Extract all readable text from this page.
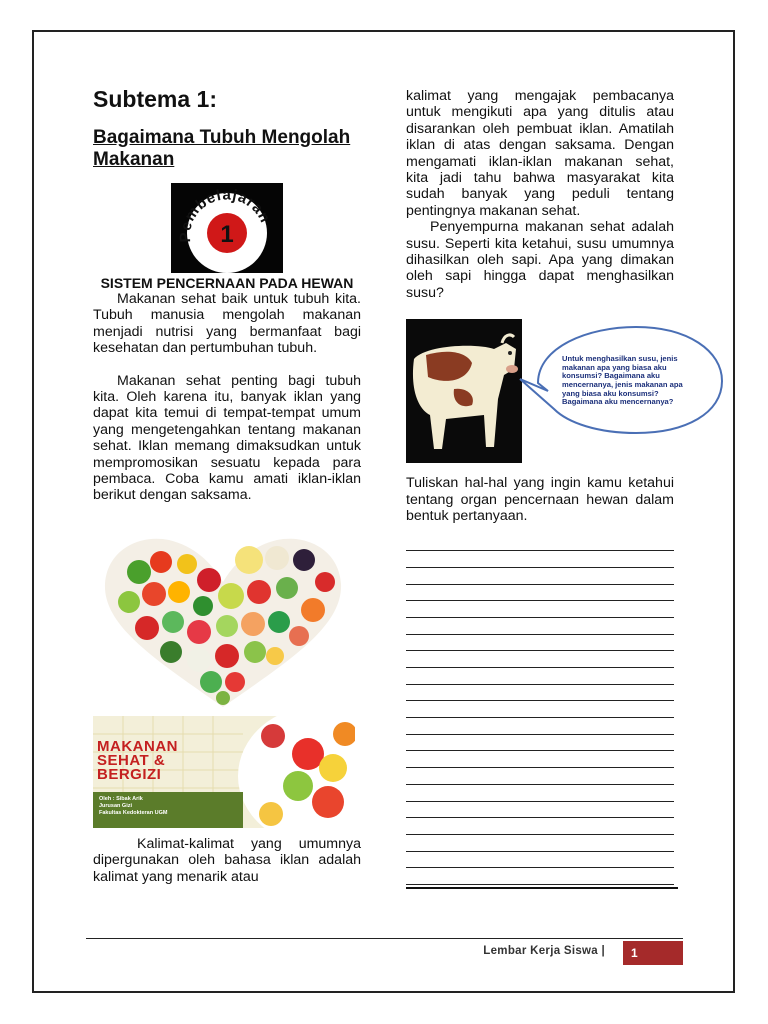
Subtema 1:
Bagaimana Tubuh Mengolah Makanan
Pembelajaran
1
SISTEM PENCERNAAN PADA HEWAN

Makanan sehat baik untuk tubuh kita. Tubuh manusia mengolah makanan menjadi nutrisi yang bermanfaat bagi kesehatan dan pertumbuhan tubuh.

Makanan sehat penting bagi tubuh kita. Oleh karena itu, banyak iklan yang dapat kita temui di tempat-tempat umum yang mengetengahkan tentang makanan sehat. Iklan memang dimaksudkan untuk mempromosikan sesuatu kepada para pembaca. Coba kamu amati iklan-iklan berikut dengan saksama.

MAKANAN
SEHAT &
BERGIZI
Oleh : Sibak Arik
Jurusan Gizi
Fakultas Kedokteran UGM

Kalimat-kalimat yang umumnya dipergunakan oleh bahasa iklan adalah kalimat yang menarik atau

kalimat yang mengajak pembacanya untuk mengikuti apa yang ditulis atau disarankan oleh pembuat iklan. Amatilah iklan di atas dengan saksama. Dengan mengamati iklan-iklan makanan sehat, kita jadi tahu bahwa masyarakat kita sudah banyak yang peduli tentang pentingnya makanan sehat.

Penyempurna makanan sehat adalah susu. Seperti kita ketahui, susu umumnya dihasilkan oleh sapi. Apa yang dimakan oleh sapi hingga dapat menghasilkan susu?

Untuk menghasilkan susu, jenis makanan apa yang biasa aku konsumsi? Bagaimana aku mencernanya, jenis makanan apa yang biasa aku konsumsi? Bagaimana aku mencernanya?

Tuliskan hal-hal yang ingin kamu ketahui tentang organ pencernaan hewan dalam bentuk pertanyaan.

Lembar Kerja Siswa |	1
